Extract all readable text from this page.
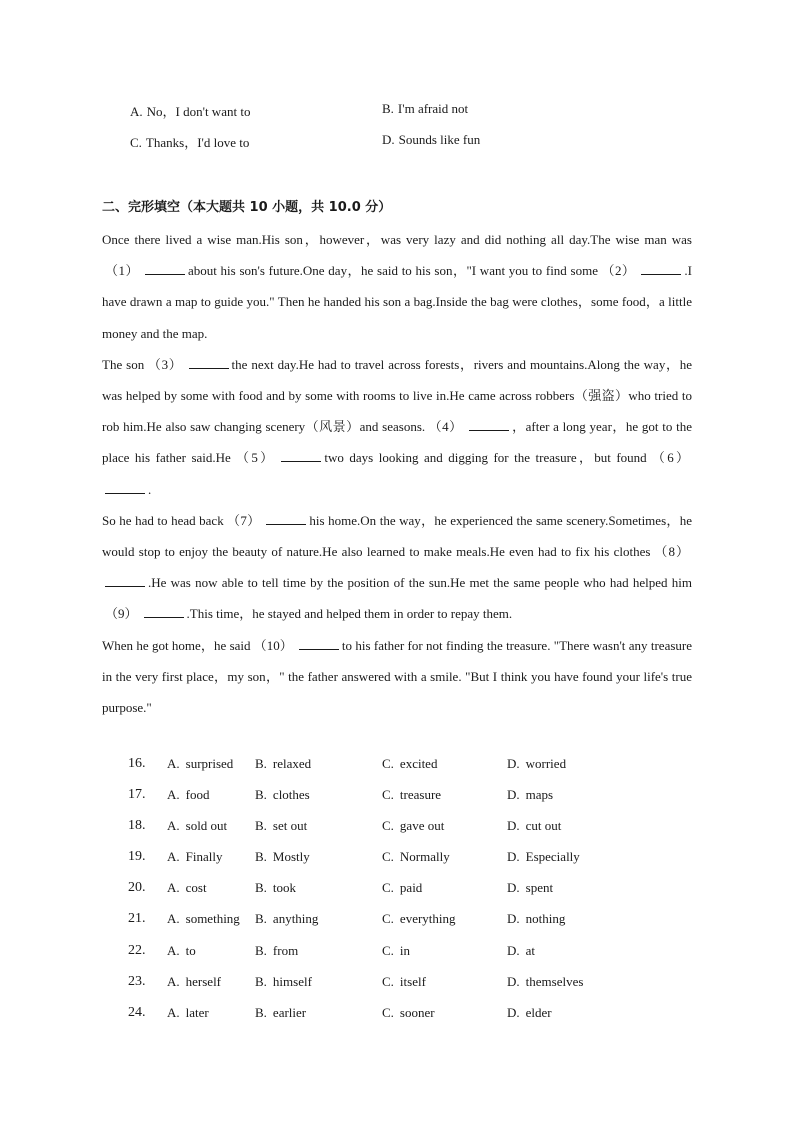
A. No，I don't want to	B. I'm afraid not
C. Thanks，I'd love to	D. Sounds like fun
二、完形填空（本大题共 10 小题，共 10.0 分）

Once there lived a wise man.His son，however，was very lazy and did nothing all day.The wise man was（1）	about his son's future.One day，he said to his son，"I want you to find some （2）	.I have drawn a map to guide you." Then he handed his son a bag.Inside the bag were clothes，some food，a little money and the map.

The son （3）	the next day.He had to travel across forests，rivers and mountains.Along the way，he was helped by some with food and by some with rooms to live in.He came across robbers（强盗）who tried to rob him.He also saw changing scenery（风景）and seasons. （4）	，after a long year，he got to the place his father said.He （5）	two days looking and digging for the treasure，but found （6）.

So he had to head back （7）	his home.On the way，he experienced the same scenery.Sometimes，he would stop to enjoy the beauty of nature.He also learned to make meals.He even had to fix his clothes （8）.He was now able to tell time by the position of the sun.He met the same people who had helped him（9）	.This time，he stayed and helped them in order to repay them.

When he got home，he said （10）	to his father for not finding the treasure. "There wasn't any treasure in the very first place，my son，" the father answered with a smile. "But I think you have found your life's true purpose."

16. A. surprised B. relaxed	C. excited	D. worried
17. A. food	B. clothes	C. treasure	D. maps
18. A. sold out B. set out	C. gave out	D. cut out
19. A. Finally	B. Mostly	C. Normally	D. Especially
20. A. cost	B. took	C. paid	D. spent
21. A. something B. anything	C. everything	D. nothing
22. A. to	B. from	C. in	D. at
23. A. herself	B. himself	C. itself	D. themselves
24. A. later	B. earlier	C. sooner	D. elder
